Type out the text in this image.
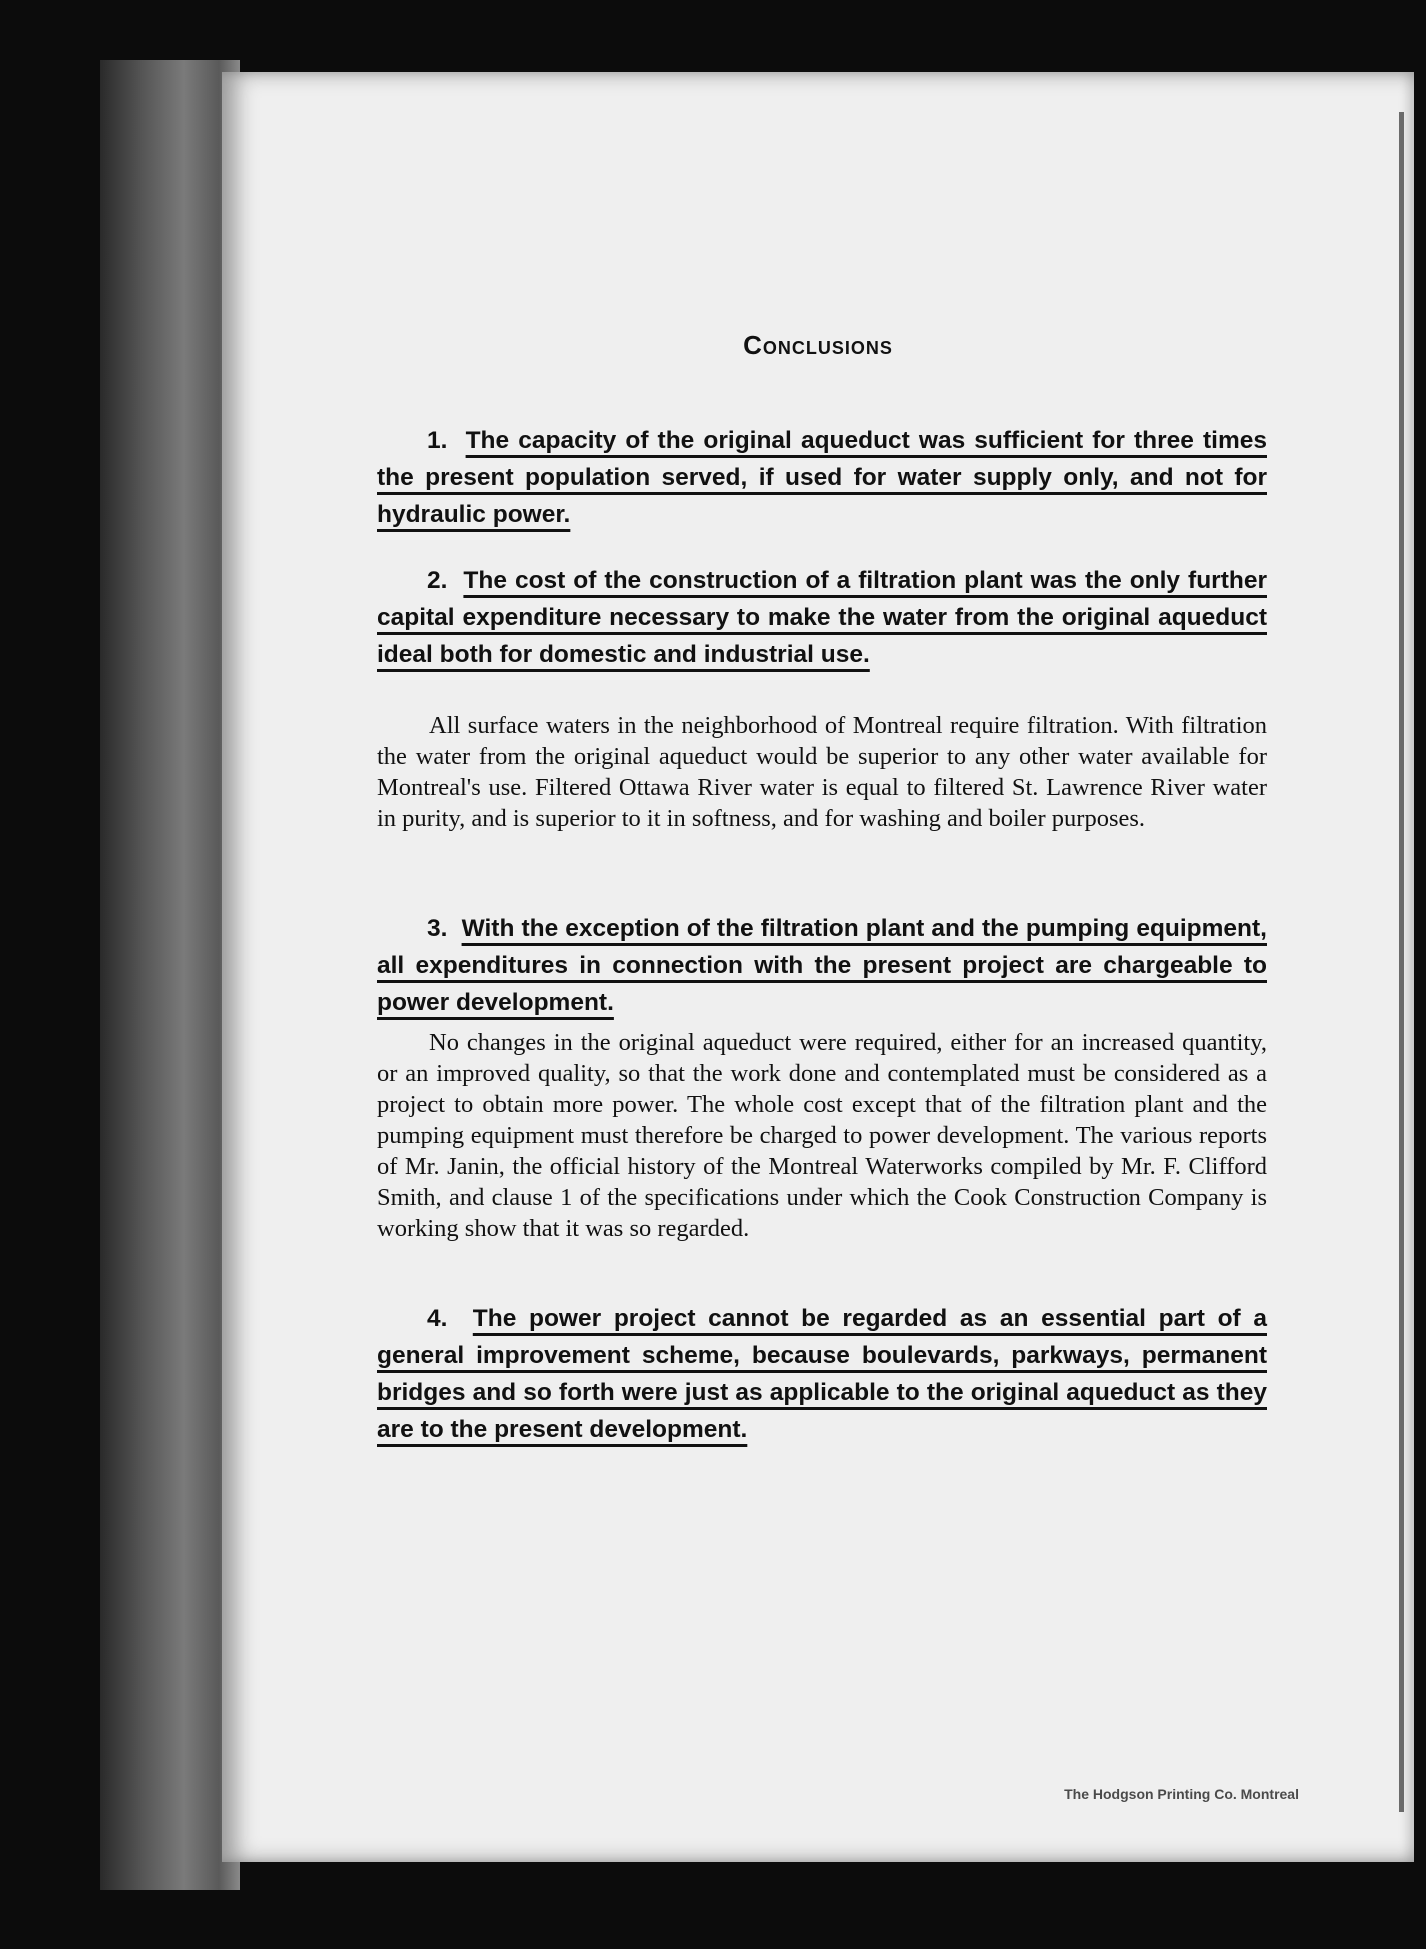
Conclusions

1. The capacity of the original aqueduct was sufficient for three times the present population served, if used for water supply only, and not for hydraulic power.

2. The cost of the construction of a filtration plant was the only further capital expenditure necessary to make the water from the original aqueduct ideal both for domestic and industrial use.

All surface waters in the neighborhood of Montreal require filtration. With filtration the water from the original aqueduct would be superior to any other water available for Montreal's use. Filtered Ottawa River water is equal to filtered St. Lawrence River water in purity, and is superior to it in softness, and for washing and boiler purposes.

3. With the exception of the filtration plant and the pumping equipment, all expenditures in connection with the present project are chargeable to power development.

No changes in the original aqueduct were required, either for an increased quantity, or an improved quality, so that the work done and contemplated must be considered as a project to obtain more power. The whole cost except that of the filtration plant and the pumping equipment must therefore be charged to power development. The various reports of Mr. Janin, the official history of the Montreal Waterworks compiled by Mr. F. Clifford Smith, and clause 1 of the specifications under which the Cook Construction Company is working show that it was so regarded.

4. The power project cannot be regarded as an essential part of a general improvement scheme, because boulevards, parkways, permanent bridges and so forth were just as applicable to the original aqueduct as they are to the present development.

The Hodgson Printing Co. Montreal
